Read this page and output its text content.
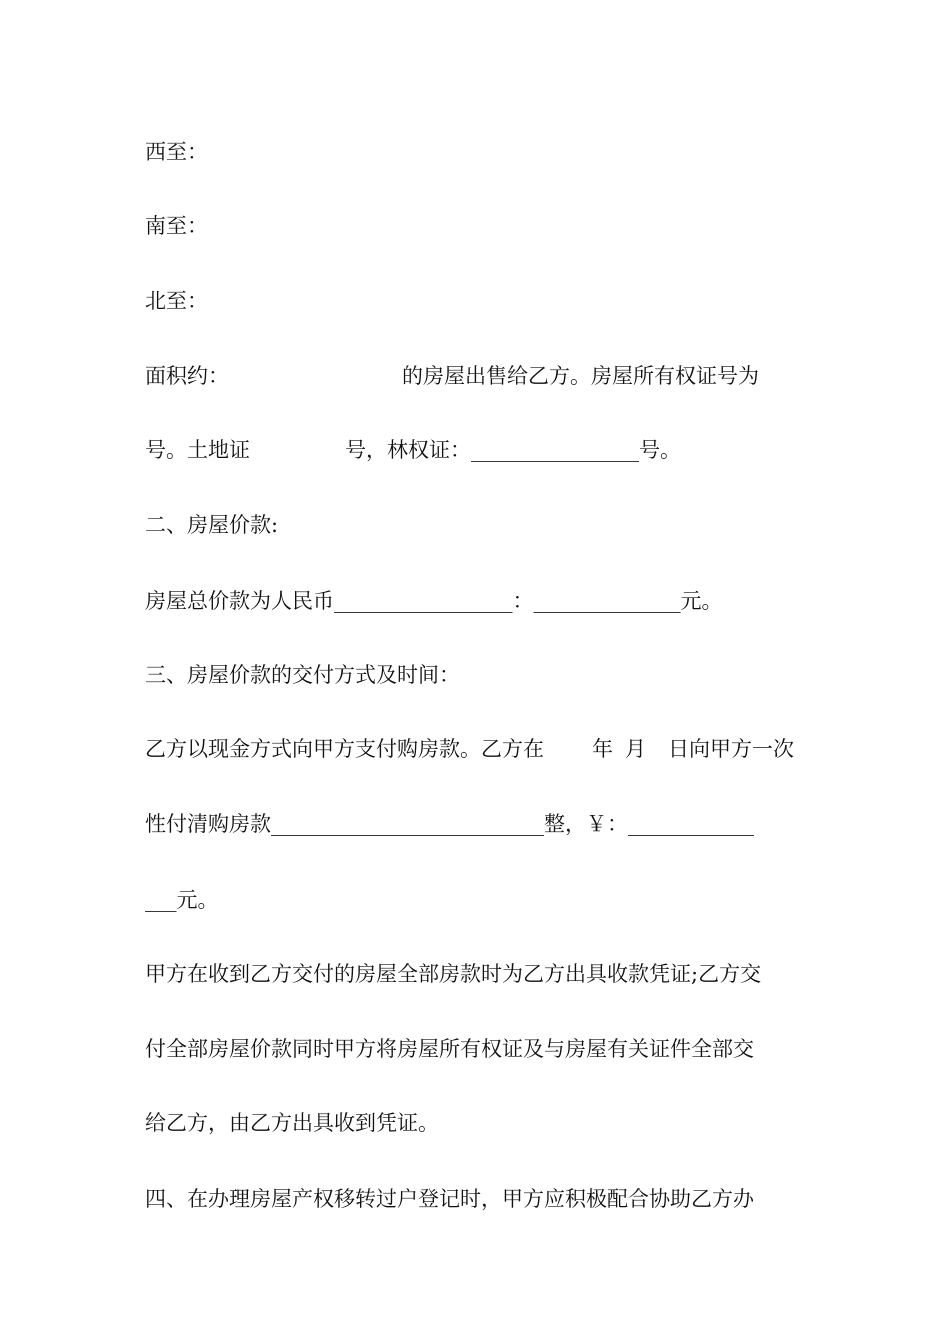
西至：
南至：
北至：
面积约：	的房屋出售给乙方。房屋所有权证号为
号。土地证	号，林权证：________________号。
二、房屋价款:
房屋总价款为人民币_________________：______________元。
三、房屋价款的交付方式及时间：
乙方以现金方式向甲方支付购房款。乙方在 年 月 日向甲方一次
性付清购房款__________________________整，￥：____________
___元。
甲方在收到乙方交付的房屋全部房款时为乙方出具收款凭证;乙方交
付全部房屋价款同时甲方将房屋所有权证及与房屋有关证件全部交
给乙方，由乙方出具收到凭证。
四、在办理房屋产权移转过户登记时，甲方应积极配合协助乙方办
